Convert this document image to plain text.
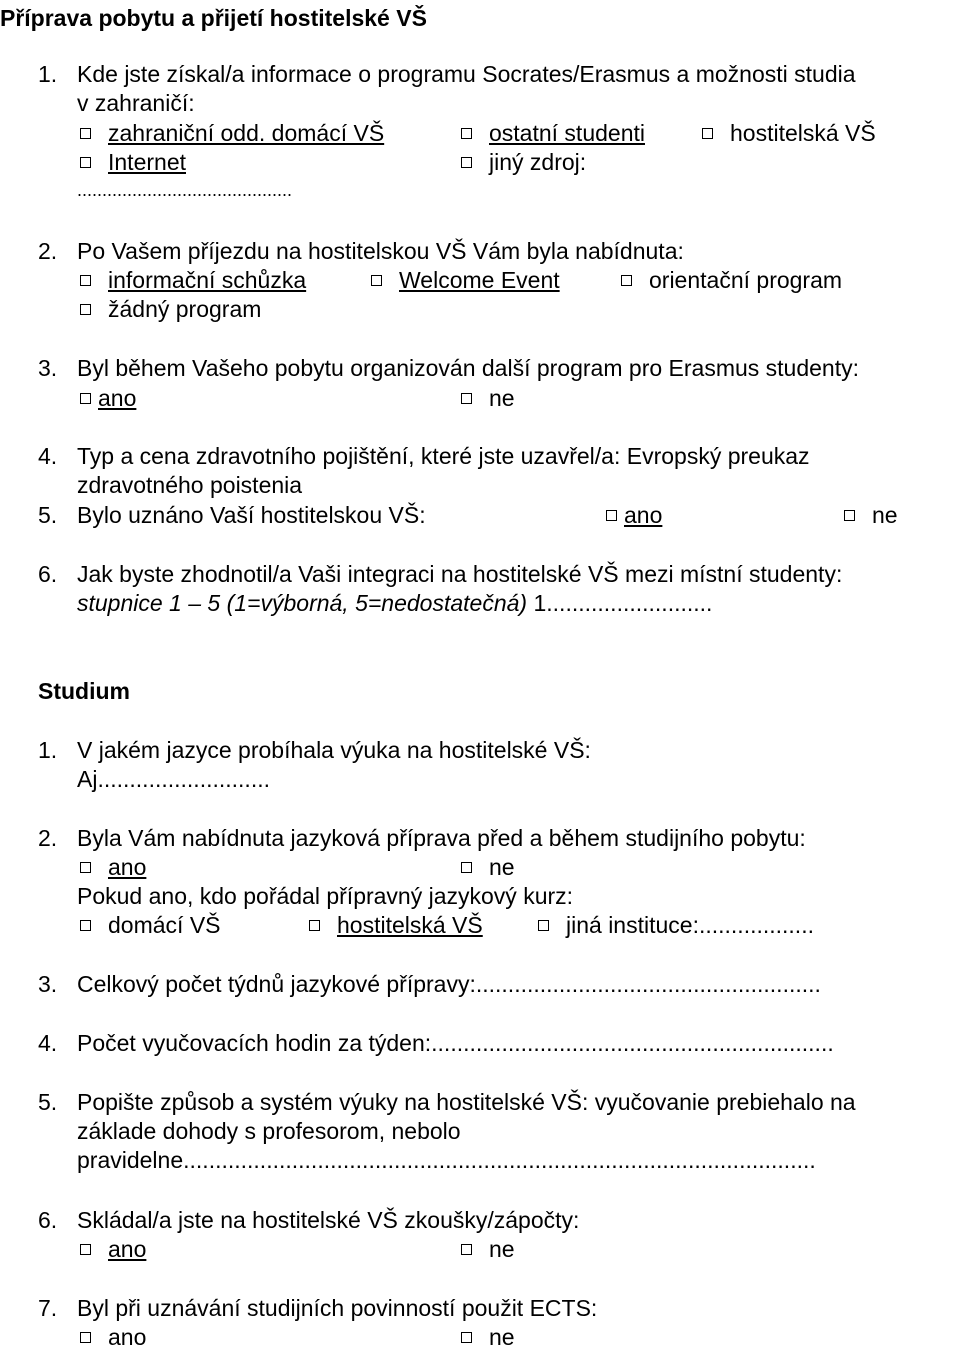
Příprava pobytu a přijetí hostitelské VŠ
1. Kde jste získal/a informace o programu Socrates/Erasmus a možnosti studia
v zahraničí:
zahraniční odd. domácí VŠ	ostatní studenti	hostitelská VŠ
Internet	jiný zdroj:
...........................................
2. Po Vašem příjezdu na hostitelskou VŠ Vám byla nabídnuta:
informační schůzka	Welcome Event	orientační program
žádný program
3. Byl během Vašeho pobytu organizován další program pro Erasmus studenty:
ano	ne
4. Typ a cena zdravotního pojištění, které jste uzavřel/a: Evropský preukaz
zdravotného poistenia
5. Bylo uznáno Vaší hostitelskou VŠ:	ano	ne
6. Jak byste zhodnotil/a Vaši integraci na hostitelské VŠ mezi místní studenty:
stupnice 1 – 5 (1=výborná, 5=nedostatečná) 1..........................
Studium
1. V jakém jazyce probíhala výuka na hostitelské VŠ:
Aj...........................
2. Byla Vám nabídnuta jazyková příprava před a během studijního pobytu:
ano	ne
Pokud ano, kdo pořádal přípravný jazykový kurz:
domácí VŠ	hostitelská VŠ	jiná instituce:..................
3. Celkový počet týdnů jazykové přípravy:......................................................
4. Počet vyučovacích hodin za týden:...............................................................
5. Popište způsob a systém výuky na hostitelské VŠ: vyučovanie prebiehalo na
základe dohody s profesorom, nebolo
pravidelne...................................................................................................
6. Skládal/a jste na hostitelské VŠ zkoušky/zápočty:
ano	ne
7. Byl při uznávání studijních povinností použit ECTS:
ano	ne
